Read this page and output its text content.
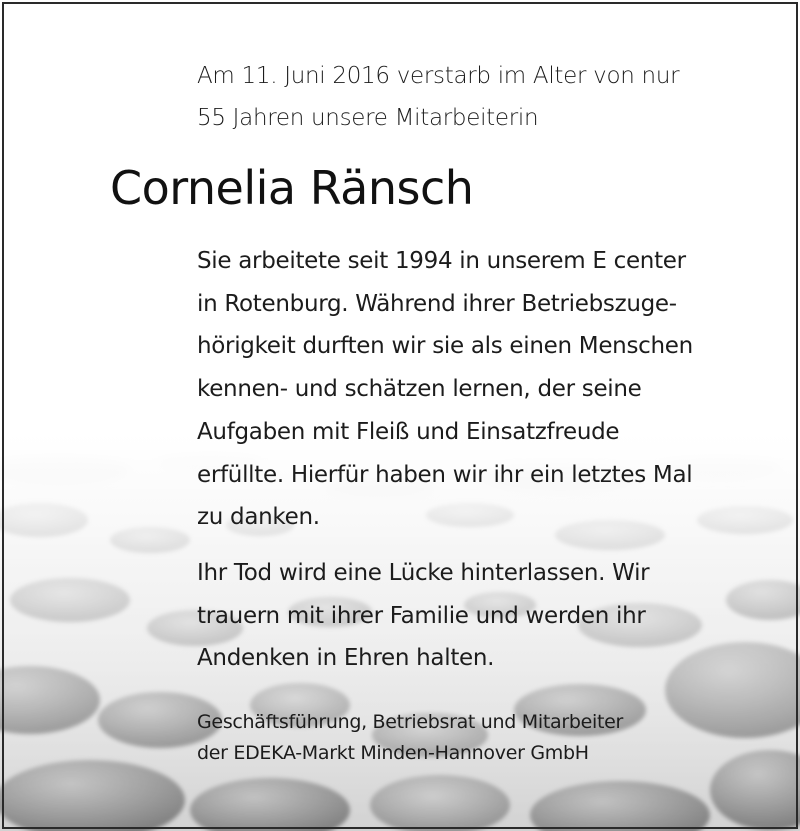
Am 11. Juni 2016 verstarb im Alter von nur
55 Jahren unsere Mitarbeiterin

Cornelia Ränsch

Sie arbeitete seit 1994 in unserem E center
in Rotenburg. Während ihrer Betriebszuge-
hörigkeit durften wir sie als einen Menschen
kennen- und schätzen lernen, der seine
Aufgaben mit Fleiß und Einsatzfreude
erfüllte. Hierfür haben wir ihr ein letztes Mal
zu danken.

Ihr Tod wird eine Lücke hinterlassen. Wir
trauern mit ihrer Familie und werden ihr
Andenken in Ehren halten.

Geschäftsführung, Betriebsrat und Mitarbeiter
der EDEKA-Markt Minden-Hannover GmbH
